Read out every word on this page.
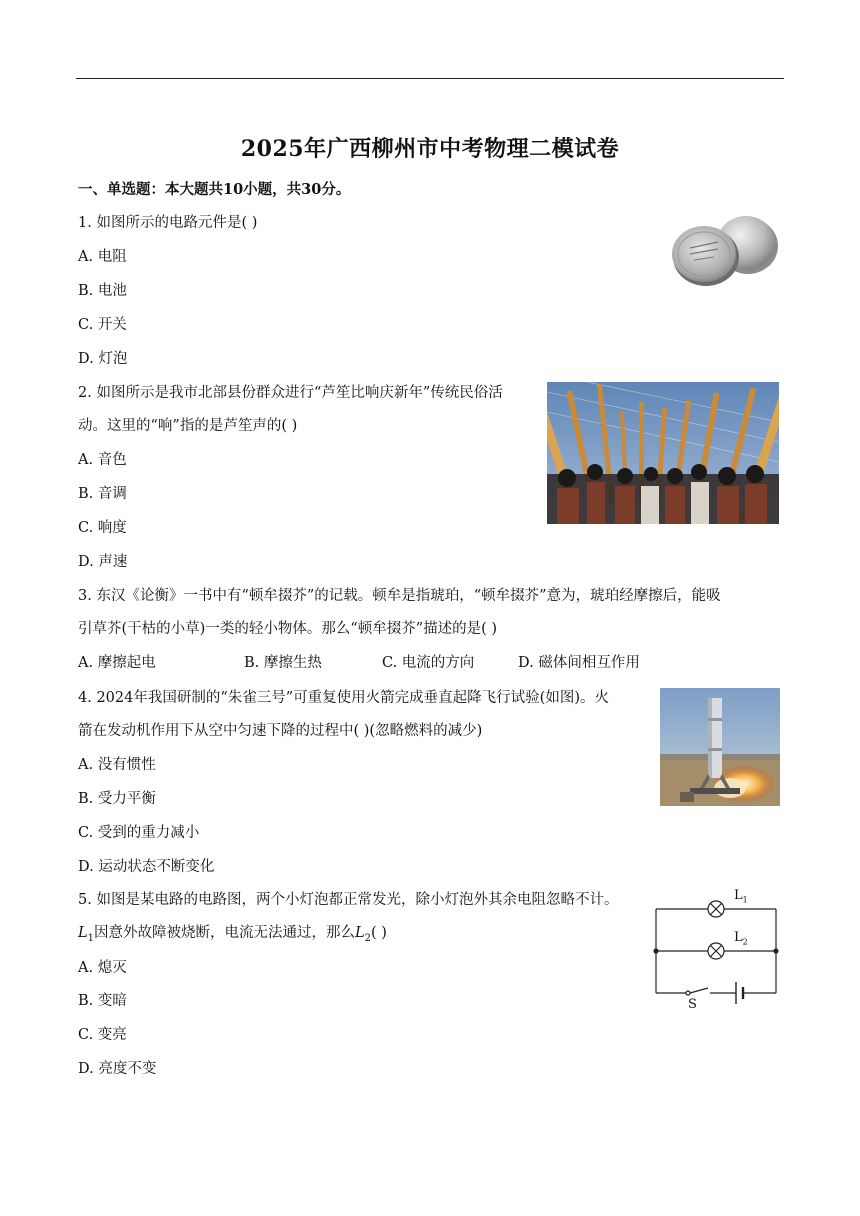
2025年广西柳州市中考物理二模试卷
一、单选题：本大题共10小题，共30分。
1. 如图所示的电路元件是( )
A. 电阻
B. 电池
C. 开关
D. 灯泡
2. 如图所示是我市北部县份群众进行“芦笙比响庆新年”传统民俗活
动。这里的“响”指的是芦笙声的( )
A. 音色
B. 音调
C. 响度
D. 声速
3. 东汉《论衡》一书中有“顿牟掇芥”的记载。顿牟是指琥珀，“顿牟掇芥”意为，琥珀经摩擦后，能吸
引草芥(干枯的小草)一类的轻小物体。那么“顿牟掇芥”描述的是( )
A. 摩擦起电	B. 摩擦生热	C. 电流的方向	D. 磁体间相互作用
4. 2024年我国研制的“朱雀三号”可重复使用火箭完成垂直起降飞行试验(如图)。火
箭在发动机作用下从空中匀速下降的过程中( )(忽略燃料的减少)
A. 没有惯性
B. 受力平衡
C. 受到的重力减小
D. 运动状态不断变化
5. 如图是某电路的电路图，两个小灯泡都正常发光，除小灯泡外其余电阻忽略不计。
$L_1$因意外故障被烧断，电流无法通过，那么$L_2$( )
A. 熄灭
B. 变暗
C. 变亮
D. 亮度不变
$L_1$
$L_2$
S
